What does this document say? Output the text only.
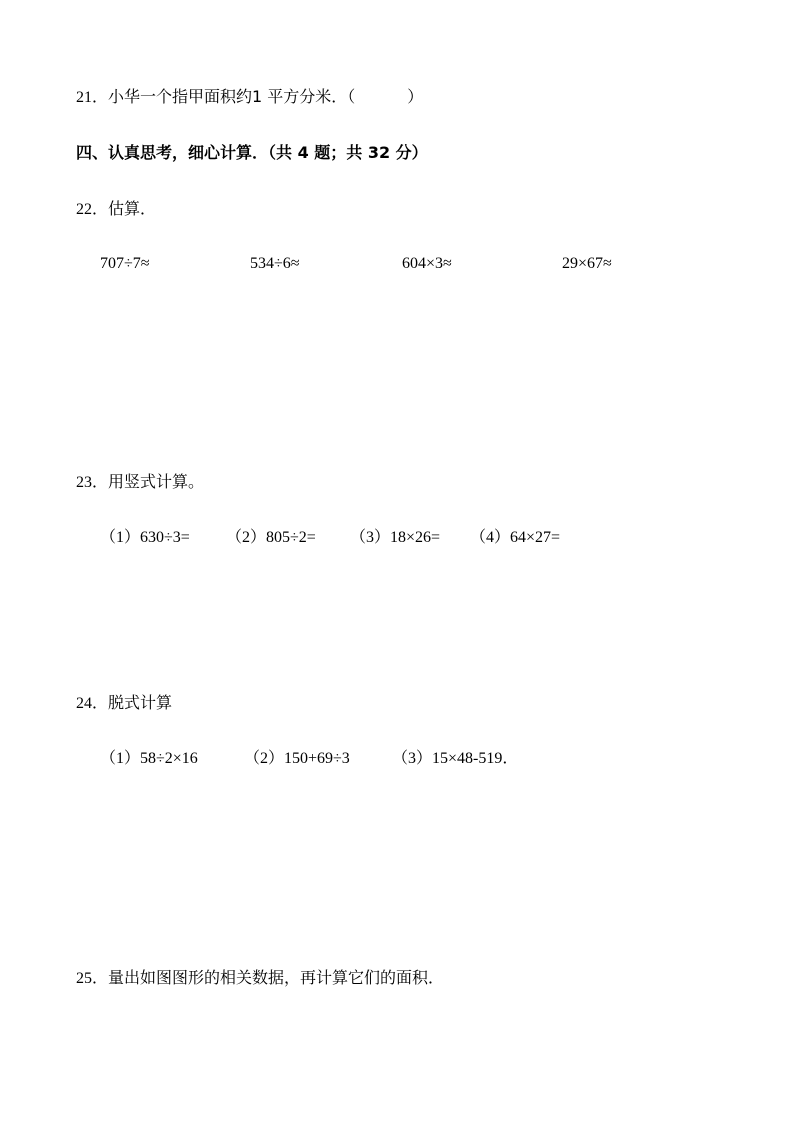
21．小华一个指甲面积约1 平方分米．（	）
四、认真思考，细心计算．（共 4 题；共 32 分）
22．估算．
707÷7≈	534÷6≈	604×3≈	29×67≈
23．用竖式计算。
（1）630÷3= （2）805÷2= （3）18×26= （4）64×27=
24．脱式计算
（1）58÷2×16	（2）150+69÷3	（3）15×48-519．
25．量出如图图形的相关数据，再计算它们的面积．
